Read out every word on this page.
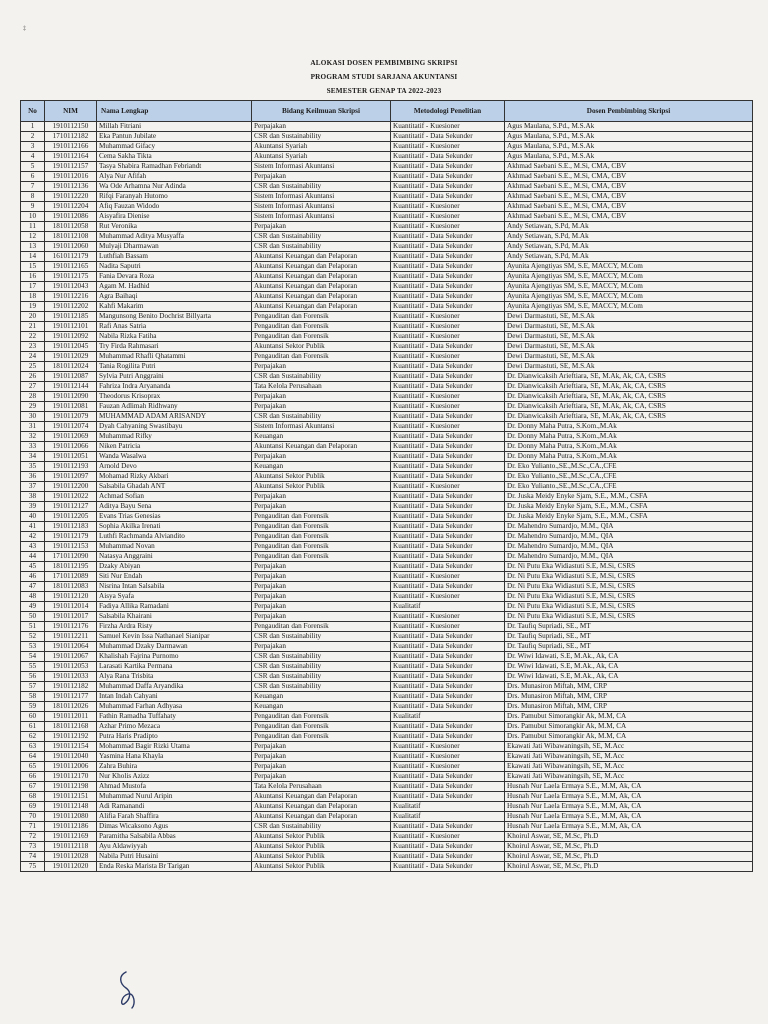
‡
ALOKASI DOSEN PEMBIMBING SKRIPSI
PROGRAM STUDI SARJANA AKUNTANSI
SEMESTER GENAP TA 2022-2023
No	NIM	Nama Lengkap	Bidang Keilmuan Skripsi	Metodologi Penelitian	Dosen Pembimbing Skripsi
1	1910112150	Millah Fitriani	Perpajakan	Kuantitatif - Kuesioner	Agus Maulana, S.Pd., M.S.Ak
2	1710112182	Eka Pantun Jubilate	CSR dan Sustainability	Kuantitatif - Data Sekunder	Agus Maulana, S.Pd., M.S.Ak
3	1910112166	Muhammad Gifacy	Akuntansi Syariah	Kuantitatif - Kuesioner	Agus Maulana, S.Pd., M.S.Ak
4	1910112164	Cema Sakha Tikta	Akuntansi Syariah	Kuantitatif - Data Sekunder	Agus Maulana, S.Pd., M.S.Ak
5	1910112157	Tasya Shabira Ramadhan Febriandt	Sistem Informasi Akuntansi	Kuantitatif - Data Sekunder	Akhmad Saebani S.E., M.Si, CMA, CBV
6	1910112016	Alya Nur Afifah	Perpajakan	Kuantitatif - Data Sekunder	Akhmad Saebani S.E., M.Si, CMA, CBV
7	1910112136	Wa Ode Arhamna Nur Adinda	CSR dan Sustainability	Kuantitatif - Data Sekunder	Akhmad Saebani S.E., M.Si, CMA, CBV
8	1910112220	Rifqi Faranyah Hutomo	Sistem Informasi Akuntansi	Kuantitatif - Data Sekunder	Akhmad Saebani S.E., M.Si, CMA, CBV
9	1910112204	Afiq Fauzan Widodo	Sistem Informasi Akuntansi	Kuantitatif - Kuesioner	Akhmad Saebani S.E., M.Si, CMA, CBV
10	1910112086	Aisyafira Dienise	Sistem Informasi Akuntansi	Kuantitatif - Kuesioner	Akhmad Saebani S.E., M.Si, CMA, CBV
11	1810112058	Rut Veronika	Perpajakan	Kuantitatif - Kuesioner	Andy Setiawan, S.Pd, M.Ak
12	1810112108	Muhammad Aditya Musyaffa	CSR dan Sustainability	Kuantitatif - Data Sekunder	Andy Setiawan, S.Pd, M.Ak
13	1910112060	Mulyaji Dharmawan	CSR dan Sustainability	Kuantitatif - Data Sekunder	Andy Setiawan, S.Pd, M.Ak
14	1610112179	Luthfiah Bassam	Akuntansi Keuangan dan Pelaporan	Kuantitatif - Data Sekunder	Andy Setiawan, S.Pd, M.Ak
15	1910112165	Nadita Saputri	Akuntansi Keuangan dan Pelaporan	Kuantitatif - Data Sekunder	Ayunita Ajengtiyas SM, S.E, MACCY, M.Com
16	1910112175	Fania Devara Roza	Akuntansi Keuangan dan Pelaporan	Kuantitatif - Data Sekunder	Ayunita Ajengtiyas SM, S.E, MACCY, M.Com
17	1910112043	Agam M. Hadhid	Akuntansi Keuangan dan Pelaporan	Kuantitatif - Data Sekunder	Ayunita Ajengtiyas SM, S.E, MACCY, M.Com
18	1910112216	Agra Baihaqi	Akuntansi Keuangan dan Pelaporan	Kuantitatif - Data Sekunder	Ayunita Ajengtiyas SM, S.E, MACCY, M.Com
19	1910112202	Kahfi Makarim	Akuntansi Keuangan dan Pelaporan	Kuantitatif - Data Sekunder	Ayunita Ajengtiyas SM, S.E, MACCY, M.Com
20	1910112185	Mangunsong Benito Dochrist Billyarta	Pengauditan dan Forensik	Kuantitatif - Kuesioner	Dewi Darmastuti, SE, M.S.Ak
21	1910112101	Rafi Anas Satria	Pengauditan dan Forensik	Kuantitatif - Kuesioner	Dewi Darmastuti, SE, M.S.Ak
22	1910112092	Nabila Rizka Fatiha	Pengauditan dan Forensik	Kuantitatif - Kuesioner	Dewi Darmastuti, SE, M.S.Ak
23	1910112045	Try Firda Rahmasari	Akuntansi Sektor Publik	Kuantitatif - Data Sekunder	Dewi Darmastuti, SE, M.S.Ak
24	1910112029	Muhammad Rhafli Qhatammi	Pengauditan dan Forensik	Kuantitatif - Kuesioner	Dewi Darmastuti, SE, M.S.Ak
25	1810112024	Tania Rogilita Putri	Perpajakan	Kuantitatif - Data Sekunder	Dewi Darmastuti, SE, M.S.Ak
26	1910112087	Sylvia Putri Anggraini	CSR dan Sustainability	Kuantitatif - Data Sekunder	Dr. Dianwicaksih Arieftiara, SE, M.Ak, Ak, CA, CSRS
27	1910112144	Fahriza Indra Aryananda	Tata Kelola Perusahaan	Kuantitatif - Data Sekunder	Dr. Dianwicaksih Arieftiara, SE, M.Ak, Ak, CA, CSRS
28	1910112090	Theodorus Krisoprax	Perpajakan	Kuantitatif - Kuesioner	Dr. Dianwicaksih Arieftiara, SE, M.Ak, Ak, CA, CSRS
29	1910112081	Fauzan Adlimah Ridhwany	Perpajakan	Kuantitatif - Kuesioner	Dr. Dianwicaksih Arieftiara, SE, M.Ak, Ak, CA, CSRS
30	1910112079	MUHAMMAD ADAM ARISANDY	CSR dan Sustainability	Kuantitatif - Data Sekunder	Dr. Dianwicaksih Arieftiara, SE, M.Ak, Ak, CA, CSRS
31	1910112074	Dyah Cahyaning Swastibayu	Sistem Informasi Akuntansi	Kuantitatif - Kuesioner	Dr. Donny Maha Putra, S.Kom.,M.Ak
32	1910112069	Muhammad Rifky	Keuangan	Kuantitatif - Data Sekunder	Dr. Donny Maha Putra, S.Kom.,M.Ak
33	1910112066	Niken Patricia	Akuntansi Keuangan dan Pelaporan	Kuantitatif - Data Sekunder	Dr. Donny Maha Putra, S.Kom.,M.Ak
34	1910112051	Wanda Wasalwa	Perpajakan	Kuantitatif - Data Sekunder	Dr. Donny Maha Putra, S.Kom.,M.Ak
35	1910112193	Arnold Devo	Keuangan	Kuantitatif - Data Sekunder	Dr. Eko Yulianto.,SE.,M.Sc.,CA.,CFE
36	1910112097	Mohamad Rizky Akbari	Akuntansi Sektor Publik	Kuantitatif - Data Sekunder	Dr. Eko Yulianto.,SE.,M.Sc.,CA.,CFE
37	1910112200	Salsabila Ghadah ANT	Akuntansi Sektor Publik	Kuantitatif - Kuesioner	Dr. Eko Yulianto.,SE.,M.Sc.,CA.,CFE
38	1910112022	Achmad Sofian	Perpajakan	Kuantitatif - Data Sekunder	Dr. Juska Meidy Enyke Sjam, S.E., M.M., CSFA
39	1910112127	Aditya Bayu Sena	Perpajakan	Kuantitatif - Data Sekunder	Dr. Juska Meidy Enyke Sjam, S.E., M.M., CSFA
40	1910112205	Evans Trias Genesias	Pengauditan dan Forensik	Kuantitatif - Data Sekunder	Dr. Juska Meidy Enyke Sjam, S.E., M.M., CSFA
41	1910112183	Sophia Akilka Irenati	Pengauditan dan Forensik	Kuantitatif - Data Sekunder	Dr. Mahendro Sumardjo, M.M., QIA
42	1910112179	Luthfi Rachmanda Alviandito	Pengauditan dan Forensik	Kuantitatif - Data Sekunder	Dr. Mahendro Sumardjo, M.M., QIA
43	1910112153	Muhammad Novan	Pengauditan dan Forensik	Kuantitatif - Data Sekunder	Dr. Mahendro Sumardjo, M.M., QIA
44	1710112090	Natasya Anggraini	Pengauditan dan Forensik	Kuantitatif - Data Sekunder	Dr. Mahendro Sumardjo, M.M., QIA
45	1810112195	Dzaky Abiyan	Perpajakan	Kuantitatif - Data Sekunder	Dr. Ni Putu Eka Widiastuti S.E, M.Si, CSRS
46	1710112089	Siti Nur Endah	Perpajakan	Kuantitatif - Kuesioner	Dr. Ni Putu Eka Widiastuti S.E, M.Si, CSRS
47	1810112083	Nisrina Intan Salsabila	Perpajakan	Kuantitatif - Data Sekunder	Dr. Ni Putu Eka Widiastuti S.E, M.Si, CSRS
48	1910112120	Aisya Syafa	Perpajakan	Kuantitatif - Kuesioner	Dr. Ni Putu Eka Widiastuti S.E, M.Si, CSRS
49	1910112014	Fadiya Allika Ramadani	Perpajakan	Kualitatif	Dr. Ni Putu Eka Widiastuti S.E, M.Si, CSRS
50	1910112017	Salsabila Khairani	Perpajakan	Kuantitatif - Kuesioner	Dr. Ni Putu Eka Widiastuti S.E, M.Si, CSRS
51	1910112176	Firzha Ardra Risty	Pengauditan dan Forensik	Kuantitatif - Kuesioner	Dr. Taufiq Supriadi, SE., MT
52	1910112211	Samuel Kevin Issa Nathanael Sianipar	CSR dan Sustainability	Kuantitatif - Data Sekunder	Dr. Taufiq Supriadi, SE., MT
53	1910112064	Muhammad Dzaky Darmawan	Perpajakan	Kuantitatif - Data Sekunder	Dr. Taufiq Supriadi, SE., MT
54	1910112067	Khalishah Fajrina Purnomo	CSR dan Sustainability	Kuantitatif - Data Sekunder	Dr. Wiwi Idawati, S.E, M.Ak., Ak, CA
55	1910112053	Larasati Kartika Permana	CSR dan Sustainability	Kuantitatif - Data Sekunder	Dr. Wiwi Idawati, S.E, M.Ak., Ak, CA
56	1910112033	Alya Rana Trisbita	CSR dan Sustainability	Kuantitatif - Data Sekunder	Dr. Wiwi Idawati, S.E, M.Ak., Ak, CA
57	1910112182	Muhammad Daffa Aryandika	CSR dan Sustainability	Kuantitatif - Data Sekunder	Drs. Munasiron Miftah, MM, CRP
58	1910112177	Intan Indah Cahyani	Keuangan	Kuantitatif - Data Sekunder	Drs. Munasiron Miftah, MM, CRP
59	1810112026	Muhammad Farhan Adhyasa	Keuangan	Kuantitatif - Data Sekunder	Drs. Munasiron Miftah, MM, CRP
60	1910112011	Fathin Ramadha Tuffahaty	Pengauditan dan Forensik	Kualitatif	Drs. Pamubut Simorangkir Ak, M.M, CA
61	1810112168	Azhar Primo Mezaca	Pengauditan dan Forensik	Kuantitatif - Data Sekunder	Drs. Pamubut Simorangkir Ak, M.M, CA
62	1910112192	Putra Haris Pradipto	Pengauditan dan Forensik	Kuantitatif - Data Sekunder	Drs. Pamubut Simorangkir Ak, M.M, CA
63	1910112154	Mohammad Bagir Rizki Utama	Perpajakan	Kuantitatif - Kuesioner	Ekawati Jati Wibawaningsih, SE, M.Acc
64	1910112040	Yasmina Hana Khayla	Perpajakan	Kuantitatif - Kuesioner	Ekawati Jati Wibawaningsih, SE, M.Acc
65	1910112006	Zahra Buhira	Perpajakan	Kuantitatif - Kuesioner	Ekawati Jati Wibawaningsih, SE, M.Acc
66	1910112170	Nur Kholis Azizz	Perpajakan	Kuantitatif - Data Sekunder	Ekawati Jati Wibawaningsih, SE, M.Acc
67	1910112198	Ahmad Mustofa	Tata Kelola Perusahaan	Kuantitatif - Data Sekunder	Husnah Nur Laela Ermaya S.E., M.M, Ak, CA
68	1910112151	Muhammad Nurul Aripin	Akuntansi Keuangan dan Pelaporan	Kuantitatif - Data Sekunder	Husnah Nur Laela Ermaya S.E., M.M, Ak, CA
69	1910112148	Adi Ramanandi	Akuntansi Keuangan dan Pelaporan	Kualitatif	Husnah Nur Laela Ermaya S.E., M.M, Ak, CA
70	1910112080	Alifia Farah Shaffira	Akuntansi Keuangan dan Pelaporan	Kualitatif	Husnah Nur Laela Ermaya S.E., M.M, Ak, CA
71	1910112186	Dimas Wicaksono Agus	CSR dan Sustainability	Kuantitatif - Data Sekunder	Husnah Nur Laela Ermaya S.E., M.M, Ak, CA
72	1910112169	Paramitha Salsabila Abbas	Akuntansi Sektor Publik	Kuantitatif - Kuesioner	Khoirul Aswar, SE, M.Sc, Ph.D
73	1910112118	Ayu Aldawiyyah	Akuntansi Sektor Publik	Kuantitatif - Data Sekunder	Khoirul Aswar, SE, M.Sc, Ph.D
74	1910112028	Nabila Putri Husaini	Akuntansi Sektor Publik	Kuantitatif - Data Sekunder	Khoirul Aswar, SE, M.Sc, Ph.D
75	1910112020	Enda Reska Marista Br Tarigan	Akuntansi Sektor Publik	Kuantitatif - Data Sekunder	Khoirul Aswar, SE, M.Sc, Ph.D
